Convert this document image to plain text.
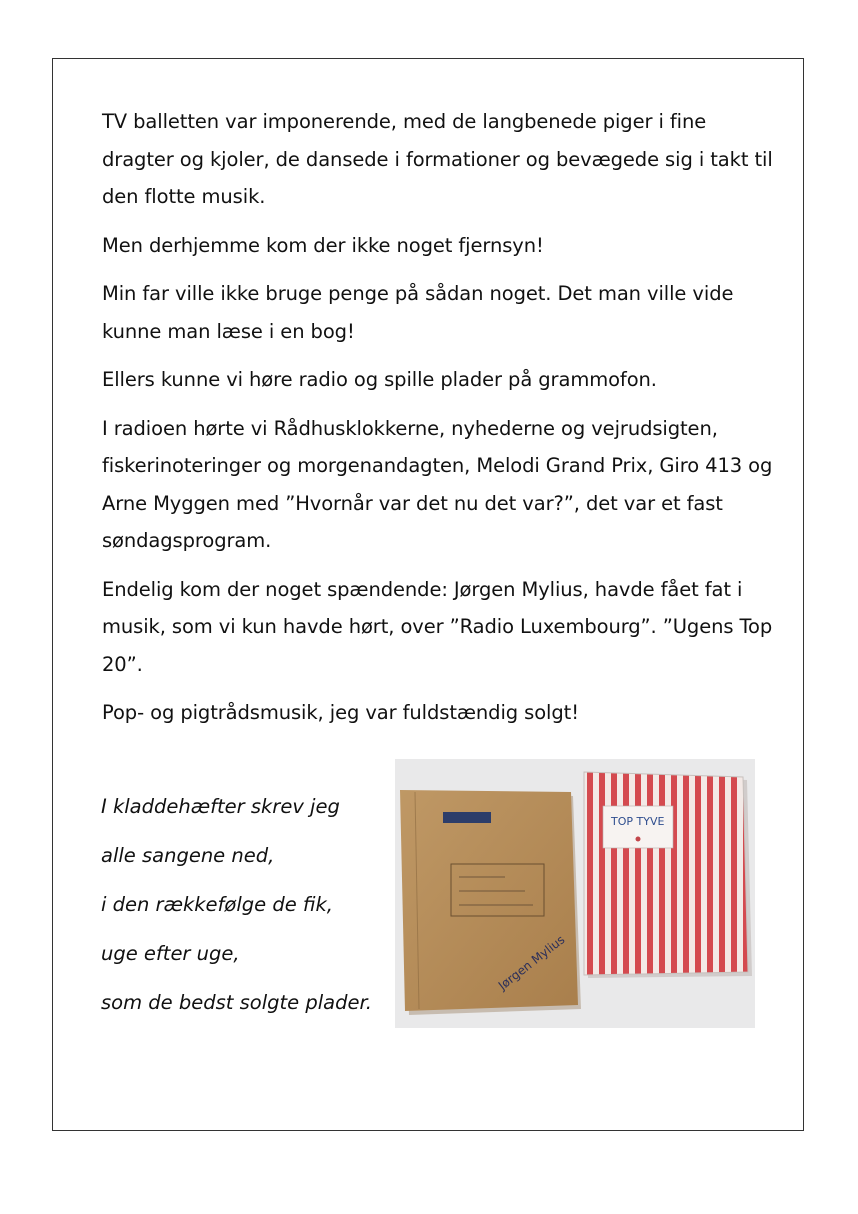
TV balletten var imponerende, med de langbenede piger i fine dragter og kjoler, de dansede i formationer og bevægede sig i takt til den flotte musik.

Men derhjemme kom der ikke noget fjernsyn!

Min far ville ikke bruge penge på sådan noget. Det man ville vide kunne man læse i en bog!

Ellers kunne vi høre radio og spille plader på grammofon.

I radioen hørte vi Rådhusklokkerne, nyhederne og vejrudsigten, fiskerinoteringer og morgenandagten, Melodi Grand Prix, Giro 413 og Arne Myggen med ”Hvornår var det nu det var?”, det var et fast søndagsprogram.

Endelig kom der noget spændende: Jørgen Mylius, havde fået fat i musik, som vi kun havde hørt, over ”Radio Luxembourg”. ”Ugens Top 20”.

Pop- og pigtrådsmusik, jeg var fuldstændig solgt!

I kladdehæfter skrev jeg
alle sangene ned,
i den rækkefølge de fik,
uge efter uge,
som de bedst solgte plader.
Jørgen Mylius
TOP TYVE
